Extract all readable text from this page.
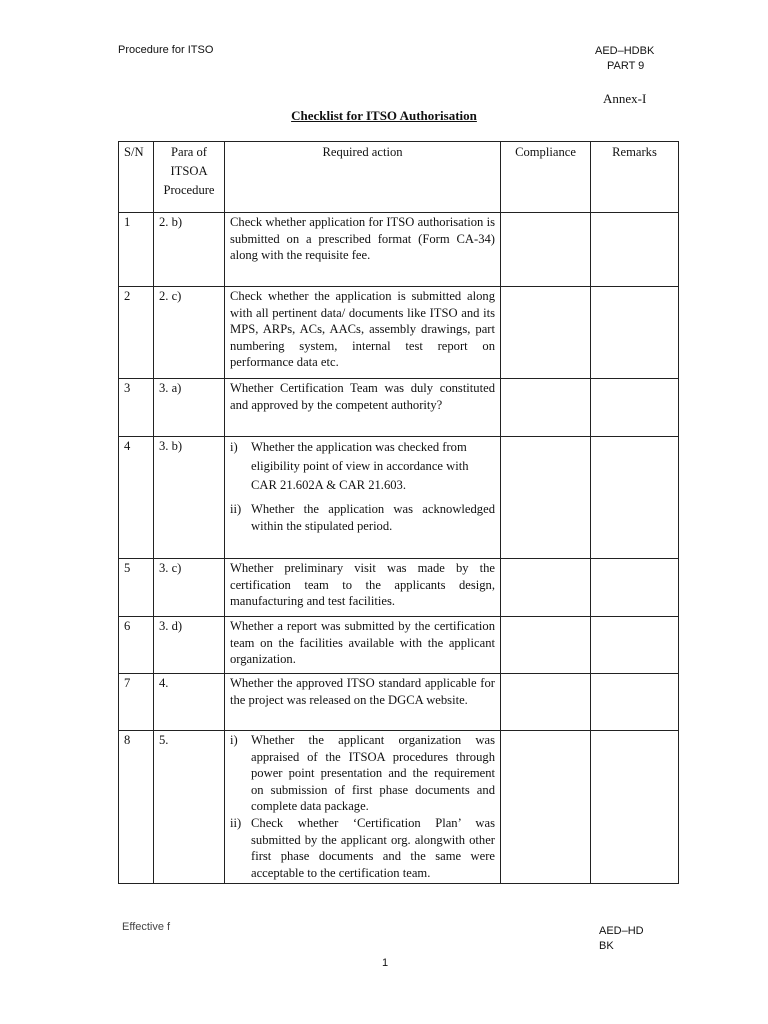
Procedure for ITSO	AED–HDBK
PART 9
Annex-I
Checklist for ITSO Authorisation
S/N	Para of ITSOA Procedure	Required action	Compliance	Remarks
1	2. b)	Check whether application for ITSO authorisation is submitted on a prescribed format (Form CA-34) along with the requisite fee.		
2	2. c)	Check whether the application is submitted along with all pertinent data/ documents like ITSO and its MPS, ARPs, ACs, AACs, assembly drawings, part numbering system, internal test report on performance data etc.		
3	3. a)	Whether Certification Team was duly constituted and approved by the competent authority?		
4	3. b)	i) Whether the application was checked from eligibility point of view in accordance with CAR 21.602A & CAR 21.603.
ii) Whether the application was acknowledged within the stipulated period.		

5	3. c)	Whether preliminary visit was made by the certification team to the applicants design, manufacturing and test facilities.		
6	3. d)	Whether a report was submitted by the certification team on the facilities available with the applicant organization.		
7	4.	Whether the approved ITSO standard applicable for the project was released on the DGCA website.		
8	5.	i) Whether the applicant organization was appraised of the ITSOA procedures through power point presentation and the requirement on submission of first phase documents and complete data package.
ii) Check whether ‘Certification Plan’ was submitted by the applicant org. alongwith other first phase documents and the same were acceptable to the certification team.		

Effective f	AED–HD
BK
1
